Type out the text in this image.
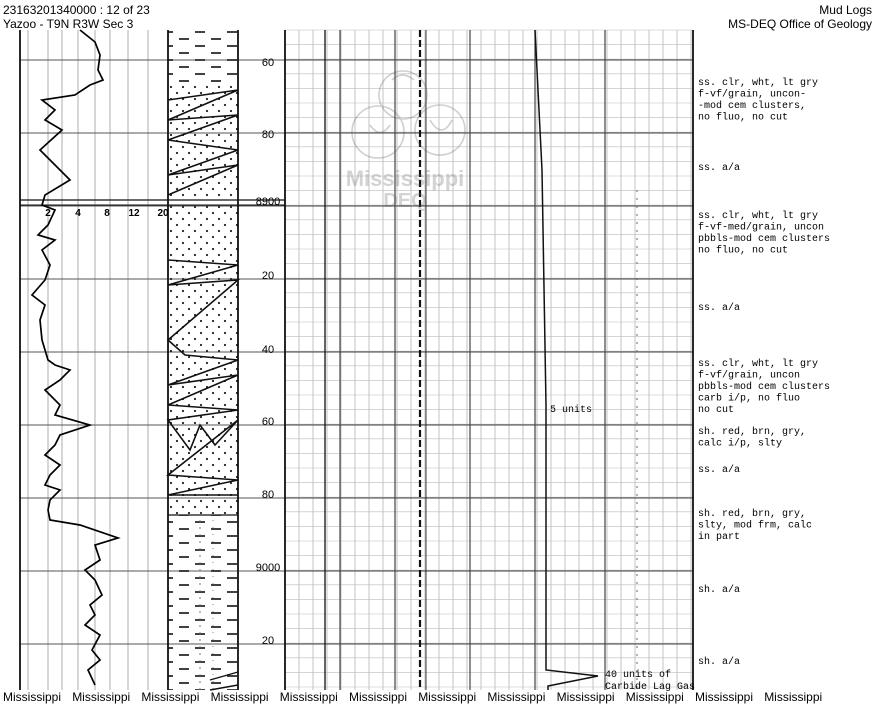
23163201340000 : 12 of 23
Yazoo - T9N R3W Sec 3
Mud Logs
MS-DEQ Office of Geology
2 4 8 12 20
60
80
8900
20
40
60
80
9000
20
Mississippi
DEQ
5 units
40 units of
Carbide Lag Gas
ss. clr, wht, lt gry
f-vf/grain, uncon-
-mod cem clusters,
no fluo, no cut
ss. a/a
ss. clr, wht, lt gry
f-vf-med/grain, uncon
pbbls-mod cem clusters
no fluo, no cut
ss. a/a
ss. clr, wht, lt gry
f-vf/grain, uncon
pbbls-mod cem clusters
carb i/p, no fluo
no cut
sh. red, brn, gry,
calc i/p, slty
ss. a/a
sh. red, brn, gry,
slty, mod frm, calc
in part
sh. a/a
sh. a/a
Mississippi Mississippi Mississippi Mississippi Mississippi Mississippi Mississippi Mississippi Mississippi Mississippi Mississippi Mississippi
